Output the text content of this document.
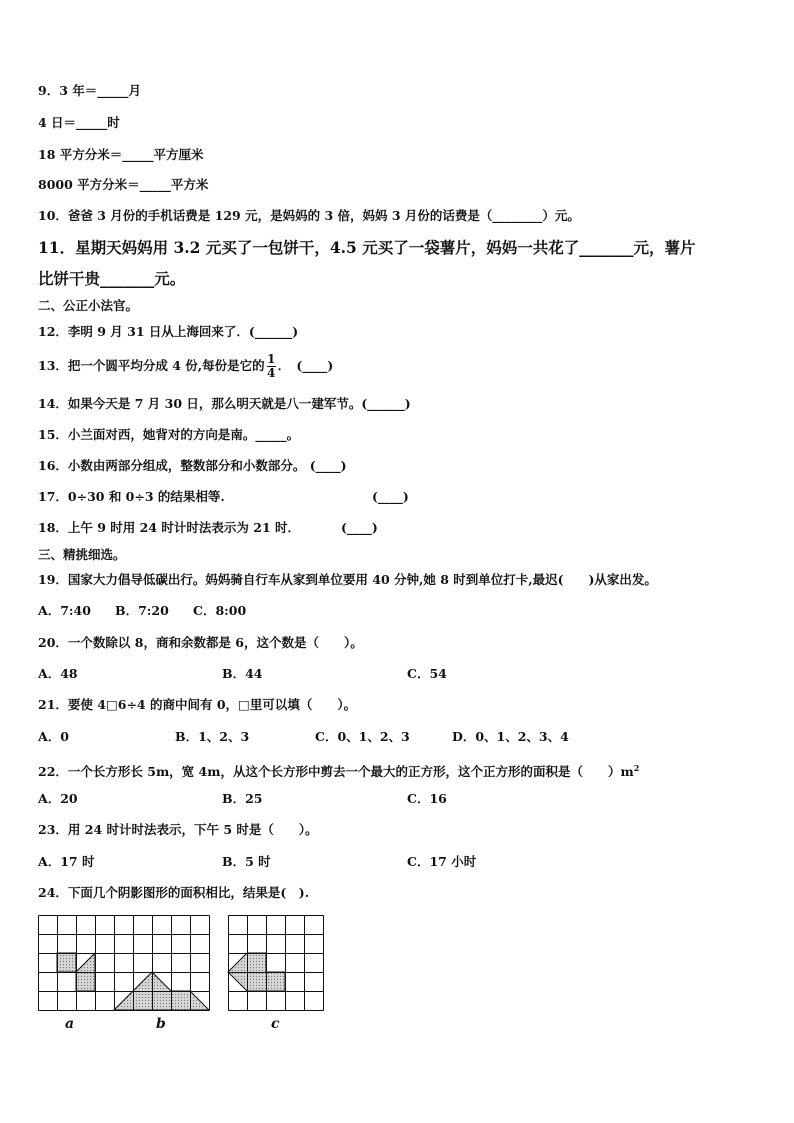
9．3 年＝_____月
4 日＝_____时
18 平方分米＝_____平方厘米
8000 平方分米＝_____平方米
10．爸爸 3 月份的手机话费是 129 元，是妈妈的 3 倍，妈妈 3 月份的话费是（________）元。
11．星期天妈妈用 3.2 元买了一包饼干，4.5 元买了一袋薯片，妈妈一共花了_______元，薯片
比饼干贵_______元。
二、公正小法官。
12．李明 9 月 31 日从上海回来了．(______)
13．把一个圆平均分成 4 份,每份是它的 $\frac{1}{4}$ ．　(____)
14．如果今天是 7 月 30 日，那么明天就是八一建军节。(______)
15．小兰面对西，她背对的方向是南。_____。
16．小数由两部分组成，整数部分和小数部分。 (____)
17．0÷30 和 0÷3 的结果相等.	(____)
18．上午 9 时用 24 时计时法表示为 21 时．	(____)
三、精挑细选。
19．国家大力倡导低碳出行。妈妈骑自行车从家到单位要用 40 分钟,她 8 时到单位打卡,最迟(　　)从家出发。
A．7:40 B．7:20 C．8:00
20．一个数除以 8，商和余数都是 6，这个数是（　　）。
A．48	B．44	C．54
21．要使 4□6÷4 的商中间有 0，□里可以填（　　）。
A．0	B．1、2、3	C．0、1、2、3	D．0、1、2、3、4
22．一个长方形长 5m，宽 4m，从这个长方形中剪去一个最大的正方形，这个正方形的面积是（　　）$m^2$
A．20	B．25	C．16
23．用 24 时计时法表示，下午 5 时是（　　）。
A．17 时	B．5 时	C．17 小时
24．下面几个阴影图形的面积相比，结果是(　).
a	b	c
